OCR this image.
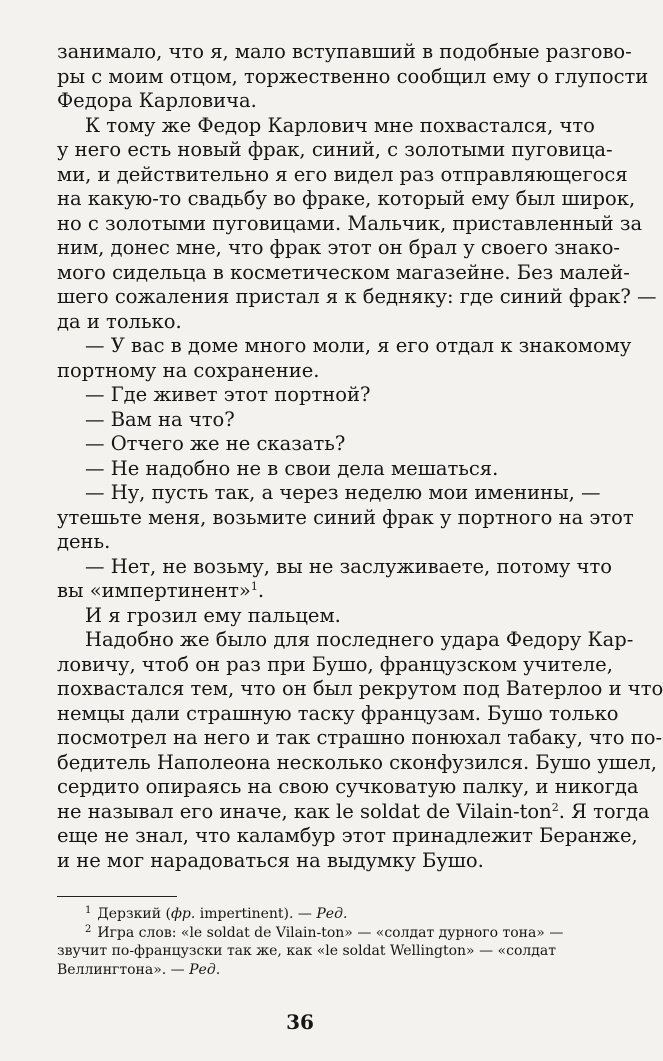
занимало, что я, мало вступавший в подобные разгово-
ры с моим отцом, торжественно сообщил ему о глупости
Федора Карловича.
К тому же Федор Карлович мне похвастался, что
у него есть новый фрак, синий, с золотыми пуговица-
ми, и действительно я его видел раз отправляющегося
на какую-то свадьбу во фраке, который ему был широк,
но с золотыми пуговицами. Мальчик, приставленный за
ним, донес мне, что фрак этот он брал у своего знако-
мого сидельца в косметическом магазейне. Без малей-
шего сожаления пристал я к бедняку: где синий фрак? —
да и только.
— У вас в доме много моли, я его отдал к знакомому
портному на сохранение.
— Где живет этот портной?
— Вам на что?
— Отчего же не сказать?
— Не надобно не в свои дела мешаться.
— Ну, пусть так, а через неделю мои именины, —
утешьте меня, возьмите синий фрак у портного на этот
день.
— Нет, не возьму, вы не заслуживаете, потому что
вы «импертинент»$^1$.
И я грозил ему пальцем.
Надобно же было для последнего удара Федору Кар-
ловичу, чтоб он раз при Бушо, французском учителе,
похвастался тем, что он был рекрутом под Ватерлоо и что
немцы дали страшную таску французам. Бушо только
посмотрел на него и так страшно понюхал табаку, что по-
бедитель Наполеона несколько сконфузился. Бушо ушел,
сердито опираясь на свою сучковатую палку, и никогда
не называл его иначе, как le soldat de Vilain-ton$^2$. Я тогда
еще не знал, что каламбур этот принадлежит Беранже,
и не мог нарадоваться на выдумку Бушо.
$^1$ Дерзкий (фр. impertinent). — Ред.
$^2$ Игра слов: «le soldat de Vilain-ton» — «солдат дурного тона» —
звучит по-французски так же, как «le soldat Wellington» — «солдат
Веллингтона». — Ред.
36
